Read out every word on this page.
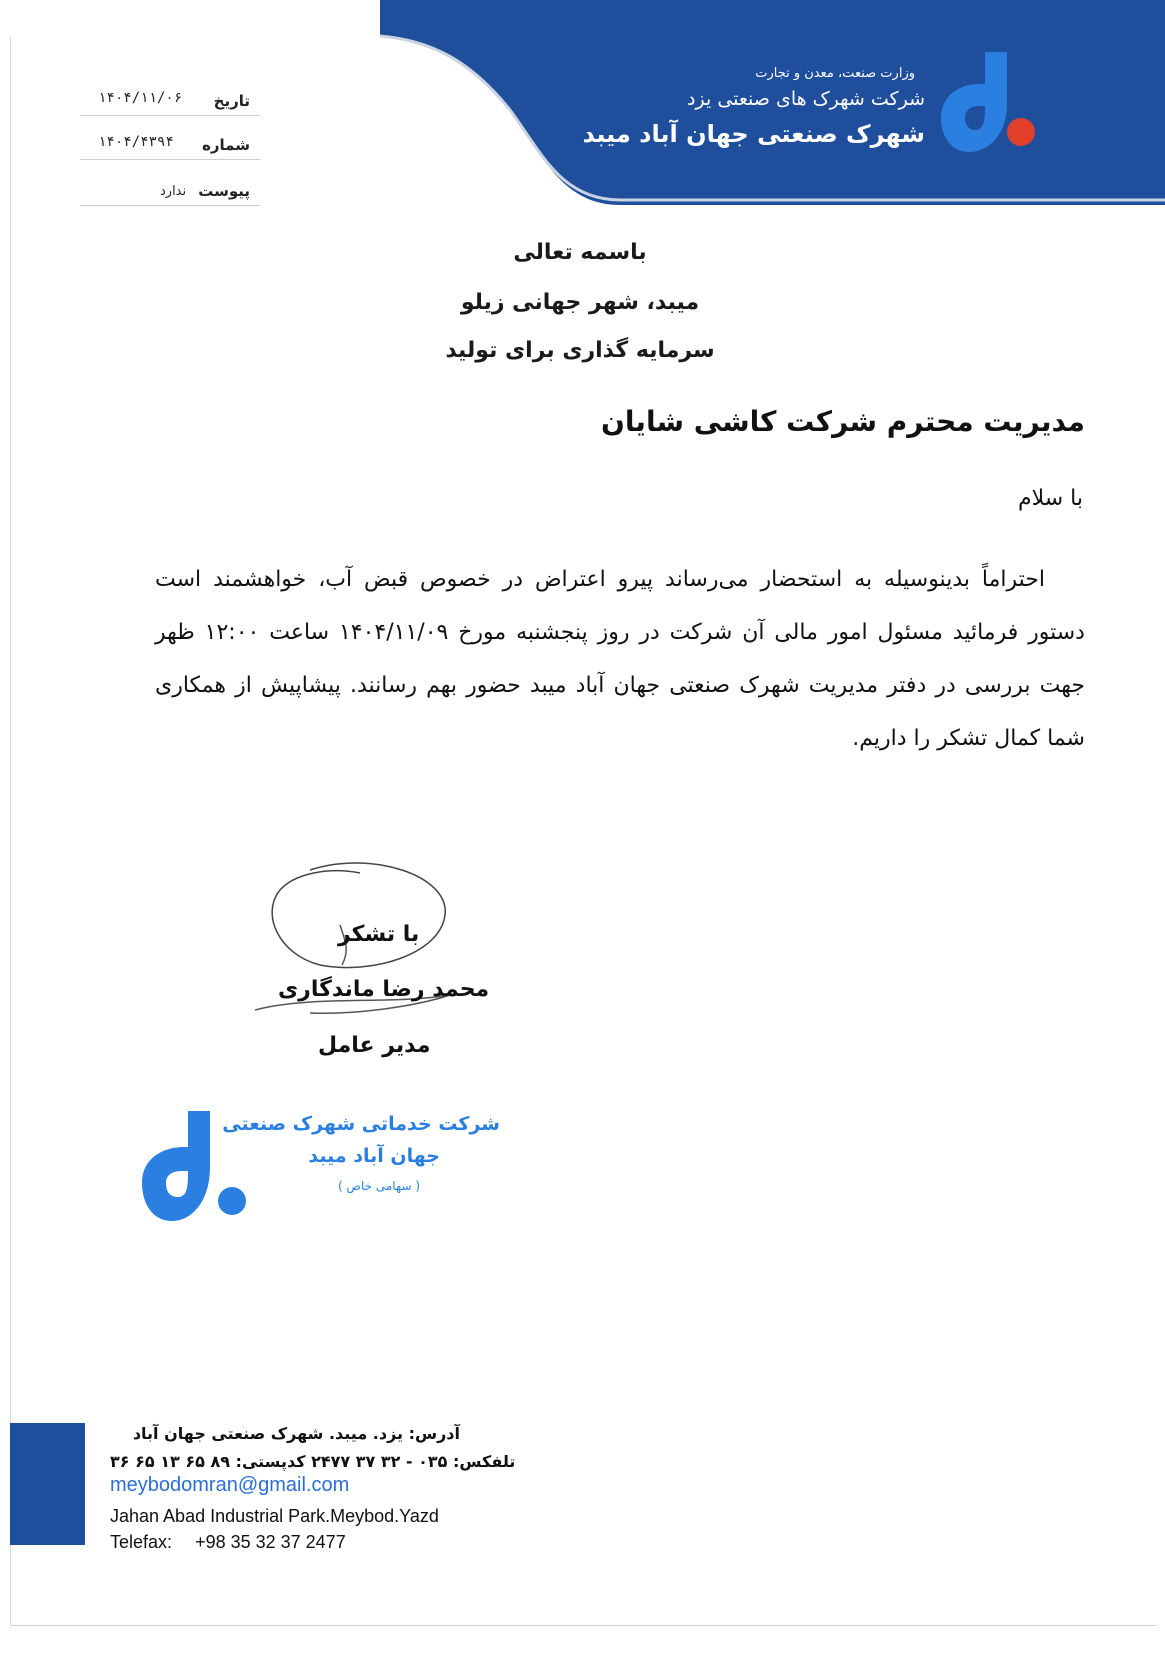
وزارت صنعت، معدن و تجارت
شرکت شهرک های صنعتی یزد
شهرک صنعتی جهان آباد میبد
تاریخ
۱۴۰۴/۱۱/۰۶
شماره
۱۴۰۴/۴۳۹۴
پیوست
ندارد
باسمه تعالی
میبد، شهر جهانی زیلو
سرمایه گذاری برای تولید
مدیریت محترم شرکت کاشی شایان
با سلام
احتراماً بدینوسیله به استحضار می‌رساند پیرو اعتراض در خصوص قبض آب، خواهشمند است دستور فرمائید مسئول امور مالی آن شرکت در روز پنجشنبه مورخ ۱۴۰۴/۱۱/۰۹ ساعت ۱۲:۰۰ ظهر جهت بررسی در دفتر مدیریت شهرک صنعتی جهان آباد میبد حضور بهم رسانند. پیشاپیش از همکاری شما کمال تشکر را داریم.
با تشکر
محمد رضا ماندگاری
مدیر عامل
شرکت خدماتی شهرک صنعتی
جهان آباد میبد
( سهامی خاص )
آدرس: یزد. میبد. شهرک صنعتی جهان آباد
تلفکس: ۰۳۵ - ۳۲ ۳۷ ۲۴۷۷ کدپستی: ۸۹ ۶۵ ۱۳ ۶۵ ۳۶
meybodomran@gmail.com
Jahan Abad Industrial Park.Meybod.Yazd
Telefax: +98 35 32 37 2477
